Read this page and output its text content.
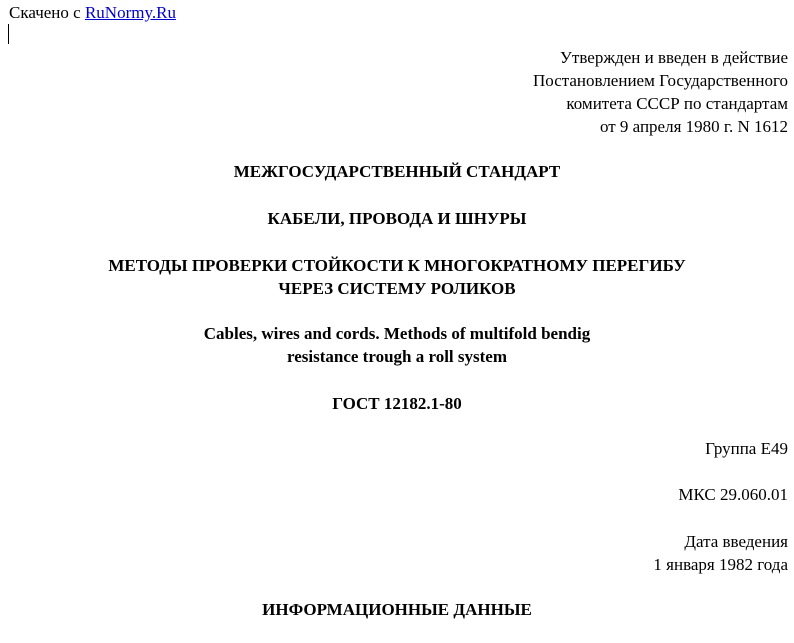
Скачено с RuNormy.Ru
Утвержден и введен в действие
Постановлением Государственного
комитета СССР по стандартам
от 9 апреля 1980 г. N 1612
МЕЖГОСУДАРСТВЕННЫЙ СТАНДАРТ
КАБЕЛИ, ПРОВОДА И ШНУРЫ
МЕТОДЫ ПРОВЕРКИ СТОЙКОСТИ К МНОГОКРАТНОМУ ПЕРЕГИБУ
ЧЕРЕЗ СИСТЕМУ РОЛИКОВ
Cables, wires and cords. Methods of multifold bendig
resistance trough a roll system
ГОСТ 12182.1-80
Группа Е49
МКС 29.060.01
Дата введения
1 января 1982 года
ИНФОРМАЦИОННЫЕ ДАННЫЕ
